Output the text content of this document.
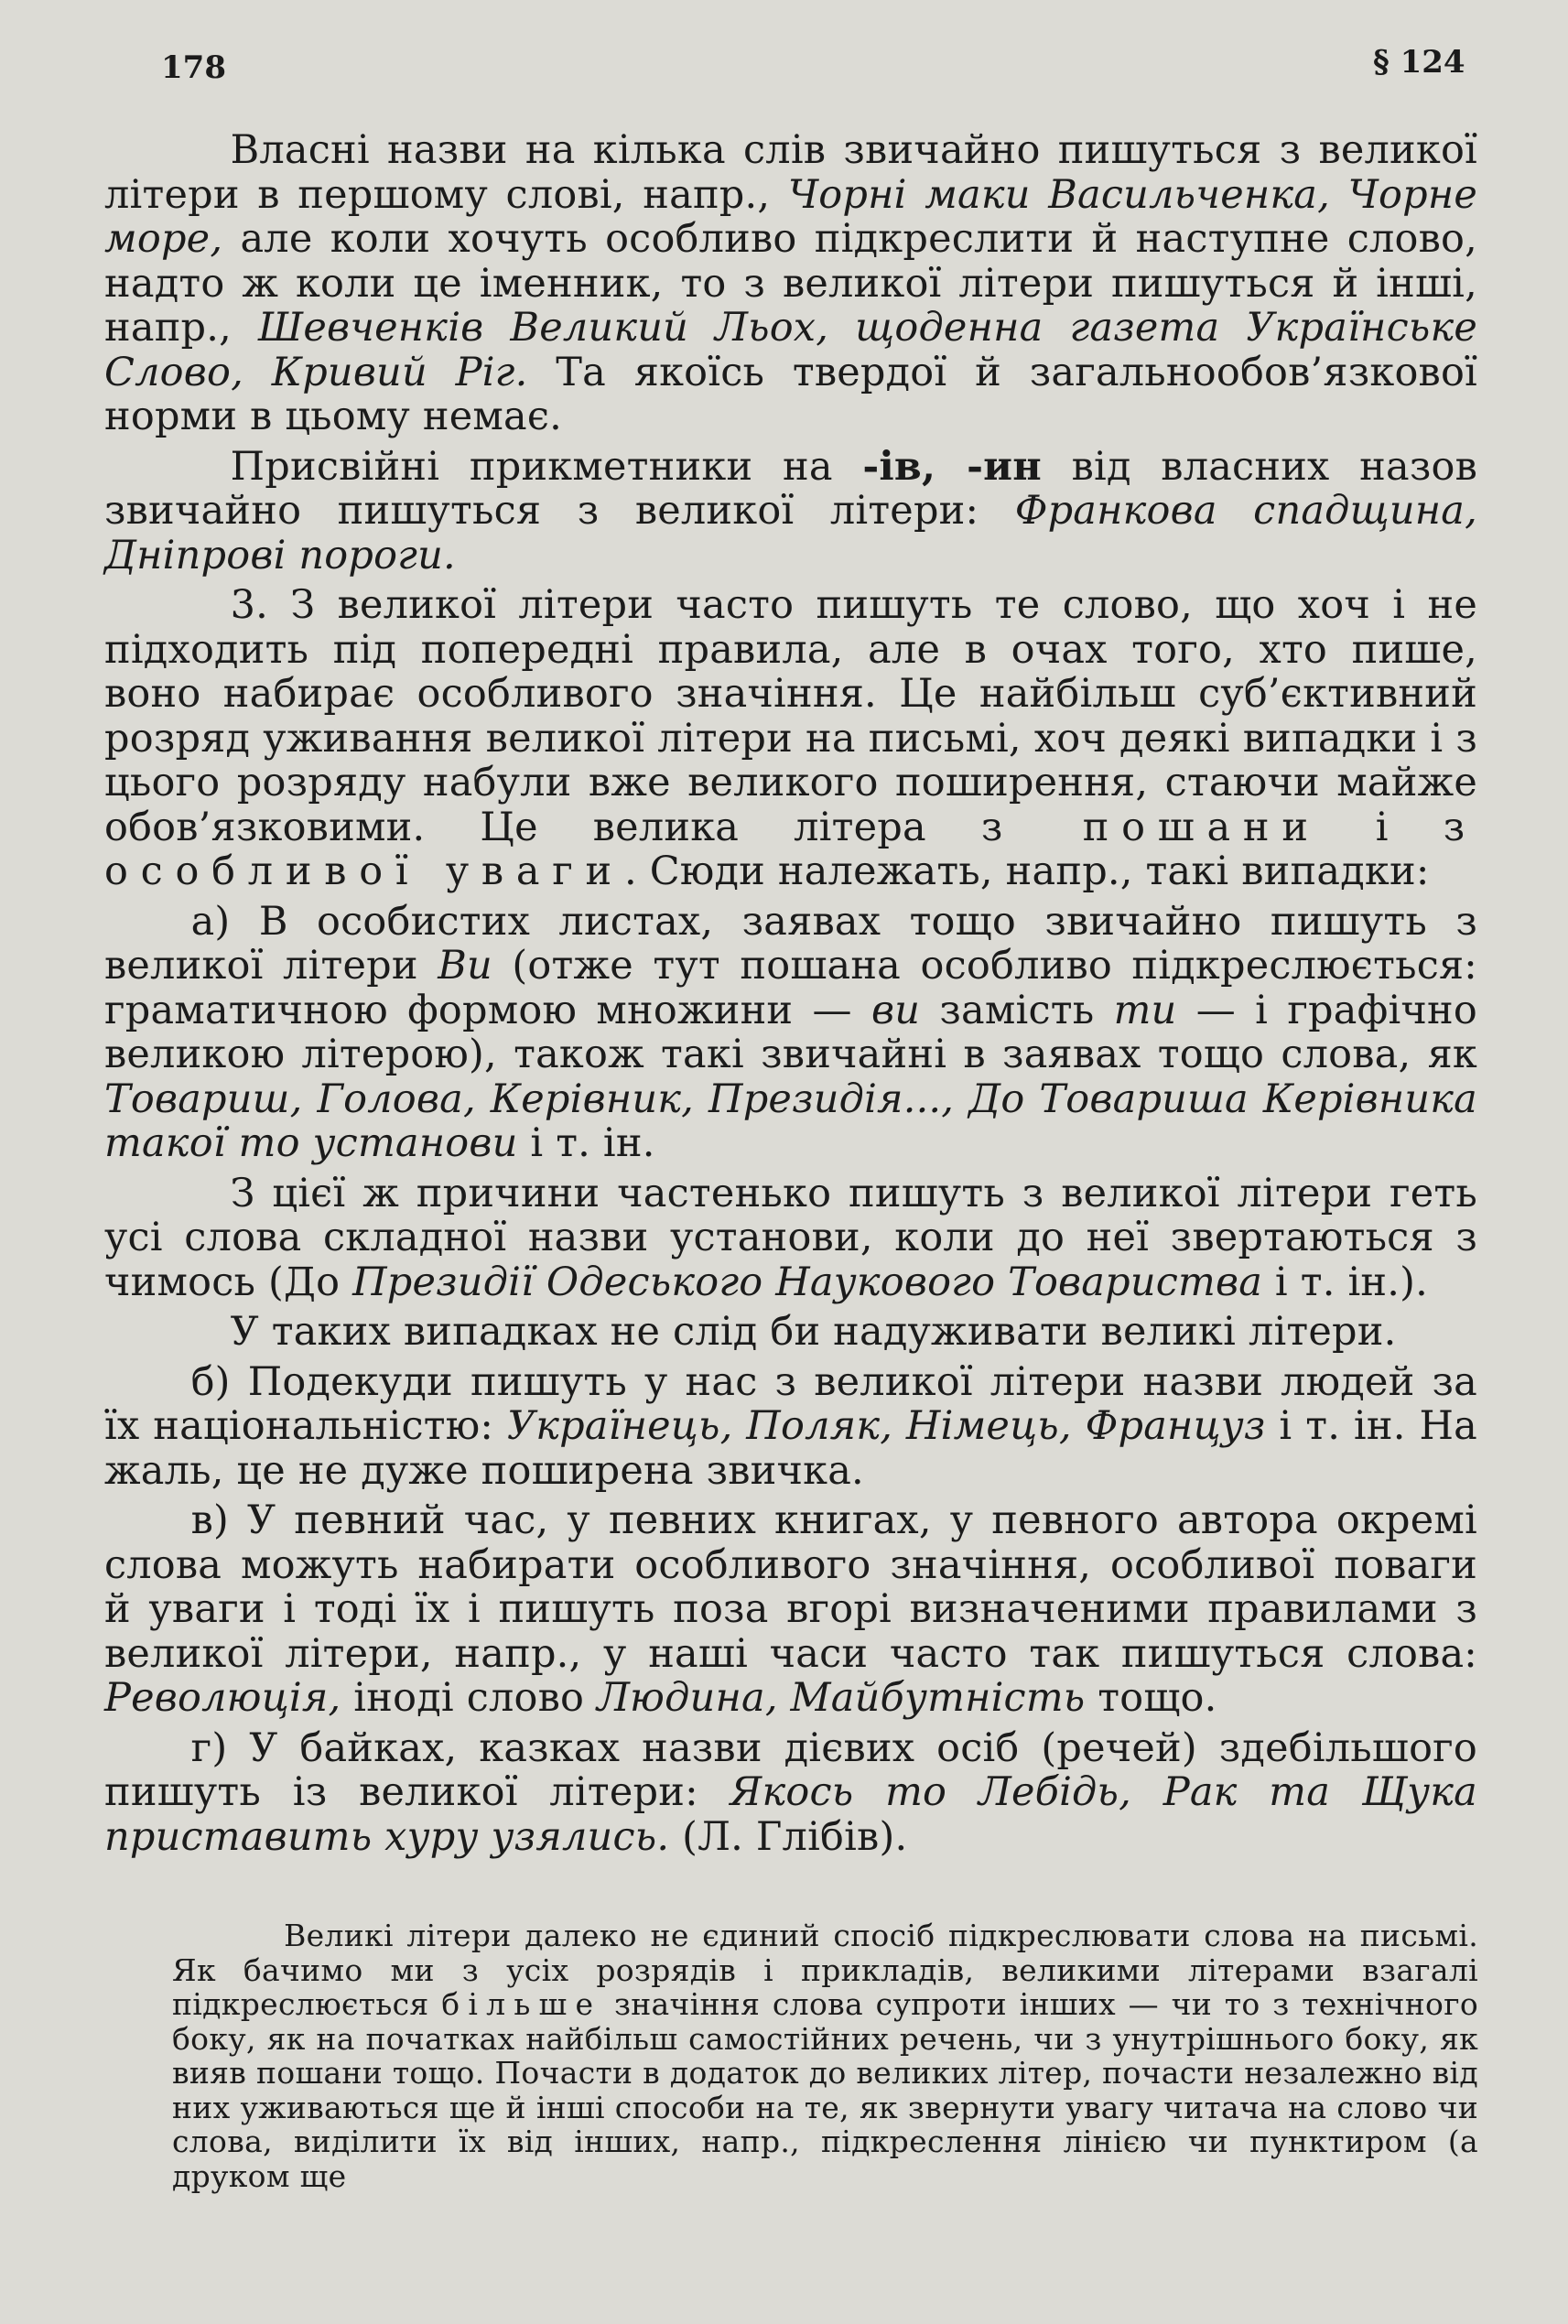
178	§ 124

Власні назви на кілька слів звичайно пишуться з великої літери в першому слові, напр., Чорні маки Васильченка, Чорне море, але коли хочуть особливо підкреслити й наступне слово, надто ж коли це іменник, то з великої літери пишуться й інші, напр., Шевченків Великий Льох, щоденна газета Українське Слово, Кривий Ріг. Та якоїсь твердої й загальнообов’язкової норми в цьому немає.

Присвійні прикметники на -ів, -ин від власних назов звичайно пишуться з великої літери: Франкова спадщина, Дніпрові пороги.

3. З великої літери часто пишуть те слово, що хоч і не підходить під попередні правила, але в очах того, хто пише, воно набирає особливого значіння. Це найбільш суб’єктивний розряд уживання великої літери на письмі, хоч деякі випадки і з цього розряду набули вже великого поширення, стаючи майже обов’язковими. Це велика літера з пошани і з особливої уваги. Сюди належать, напр., такі випадки:

а) В особистих листах, заявах тощо звичайно пишуть з великої літери Ви (отже тут пошана особливо підкреслюється: граматичною формою множини — ви замість ти — і графічно великою літерою), також такі звичайні в заявах тощо слова, як Товариш, Голова, Керівник, Президія..., До Товариша Керівника такої то установи і т. ін.

З цієї ж причини частенько пишуть з великої літери геть усі слова складної назви установи, коли до неї звертаються з чимось (До Президії Одеського Наукового Товариства і т. ін.).

У таких випадках не слід би надуживати великі літери.

б) Подекуди пишуть у нас з великої літери назви людей за їх національністю: Українець, Поляк, Німець, Француз і т. ін. На жаль, це не дуже поширена звичка.

в) У певний час, у певних книгах, у певного автора окремі слова можуть набирати особливого значіння, особливої поваги й уваги і тоді їх і пишуть поза вгорі визначеними правилами з великої літери, напр., у наші часи часто так пишуться слова: Революція, іноді слово Людина, Майбутність тощо.

г) У байках, казках назви дієвих осіб (речей) здебільшого пишуть із великої літери: Якось то Лебідь, Рак та Щука приставить хуру узялись. (Л. Глібів).

Великі літери далеко не єдиний спосіб підкреслювати слова на письмі. Як бачимо ми з усіх розрядів і прикладів, великими літерами взагалі підкреслюється більше значіння слова супроти інших — чи то з технічного боку, як на початках найбільш самостійних речень, чи з унутрішнього боку, як вияв пошани тощо. Почасти в додаток до великих літер, почасти незалежно від них уживаються ще й інші способи на те, як звернути увагу читача на слово чи слова, виділити їх від інших, напр., підкреслення лінією чи пунктиром (а друком ще
